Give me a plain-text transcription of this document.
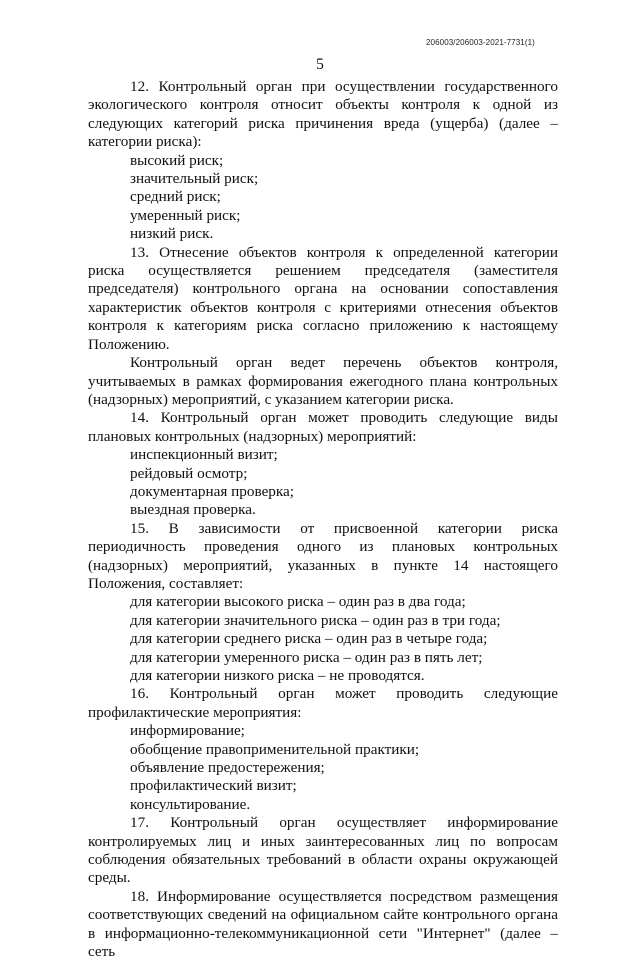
206003/206003-2021-7731(1)
5

12. Контрольный орган при осуществлении государственного экологического контроля относит объекты контроля к одной из следующих категорий риска причинения вреда (ущерба) (далее – категории риска):

высокий риск;

значительный риск;

средний риск;

умеренный риск;

низкий риск.

13. Отнесение объектов контроля к определенной категории риска осуществляется решением председателя (заместителя председателя) контрольного органа на основании сопоставления характеристик объектов контроля с критериями отнесения объектов контроля к категориям риска согласно приложению к настоящему Положению.

Контрольный орган ведет перечень объектов контроля, учитываемых в рамках формирования ежегодного плана контрольных (надзорных) мероприятий, с указанием категории риска.

14. Контрольный орган может проводить следующие виды плановых контрольных (надзорных) мероприятий:

инспекционный визит;

рейдовый осмотр;

документарная проверка;

выездная проверка.

15. В зависимости от присвоенной категории риска периодичность проведения одного из плановых контрольных (надзорных) мероприятий, указанных в пункте 14 настоящего Положения, составляет:

для категории высокого риска – один раз в два года;

для категории значительного риска – один раз в три года;

для категории среднего риска – один раз в четыре года;

для категории умеренного риска – один раз в пять лет;

для категории низкого риска – не проводятся.

16. Контрольный орган может проводить следующие профилактические мероприятия:

информирование;

обобщение правоприменительной практики;

объявление предостережения;

профилактический визит;

консультирование.

17. Контрольный орган осуществляет информирование контролируемых лиц и иных заинтересованных лиц по вопросам соблюдения обязательных требований в области охраны окружающей среды.

18. Информирование осуществляется посредством размещения соответствующих сведений на официальном сайте контрольного органа в информационно-телекоммуникационной сети "Интернет" (далее – сеть
